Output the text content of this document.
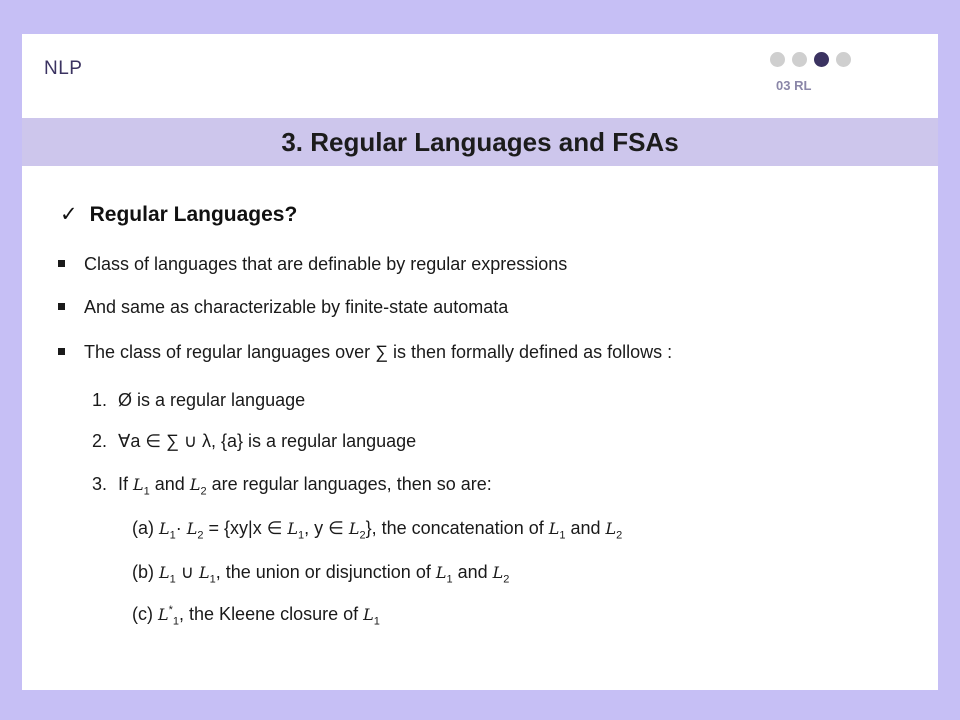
NLP
03 RL
3. Regular Languages and FSAs
✓ Regular Languages?
Class of languages that are definable by regular expressions
And same as characterizable by finite-state automata
The class of regular languages over ∑ is then formally defined as follows :
1. Ø is a regular language
2. ∀a ∈ ∑ ∪ λ, {a} is a regular language
3. If $L_1$ and $L_2$ are regular languages, then so are:
(a) $L_1\cdot L_2 = \{xy|x$ ∈ $L_1$, y ∈ $L_2$}, the concatenation of $L_1$ and $L_2$
(b) $L_1$ ∪ $L_1$, the union or disjunction of $L_1$ and $L_2$
(c) $L^*_1$, the Kleene closure of $L_1$
